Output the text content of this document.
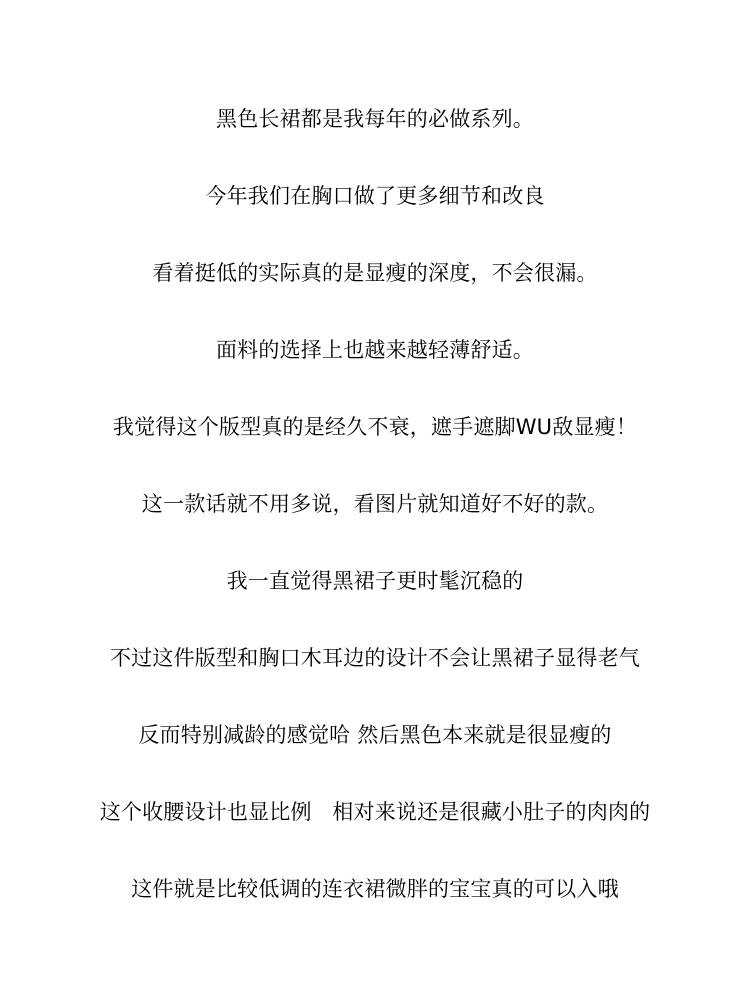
黑色长裙都是我每年的必做系列。
今年我们在胸口做了更多细节和改良
看着挺低的实际真的是显瘦的深度，不会很漏。
面料的选择上也越来越轻薄舒适。
我觉得这个版型真的是经久不衰，遮手遮脚WU敌显瘦！
这一款话就不用多说，看图片就知道好不好的款。
我一直觉得黑裙子更时髦沉稳的
不过这件版型和胸口木耳边的设计不会让黑裙子显得老气
反而特别减龄的感觉哈 然后黑色本来就是很显瘦的
这个收腰设计也显比例   相对来说还是很藏小肚子的肉肉的
这件就是比较低调的连衣裙微胖的宝宝真的可以入哦
